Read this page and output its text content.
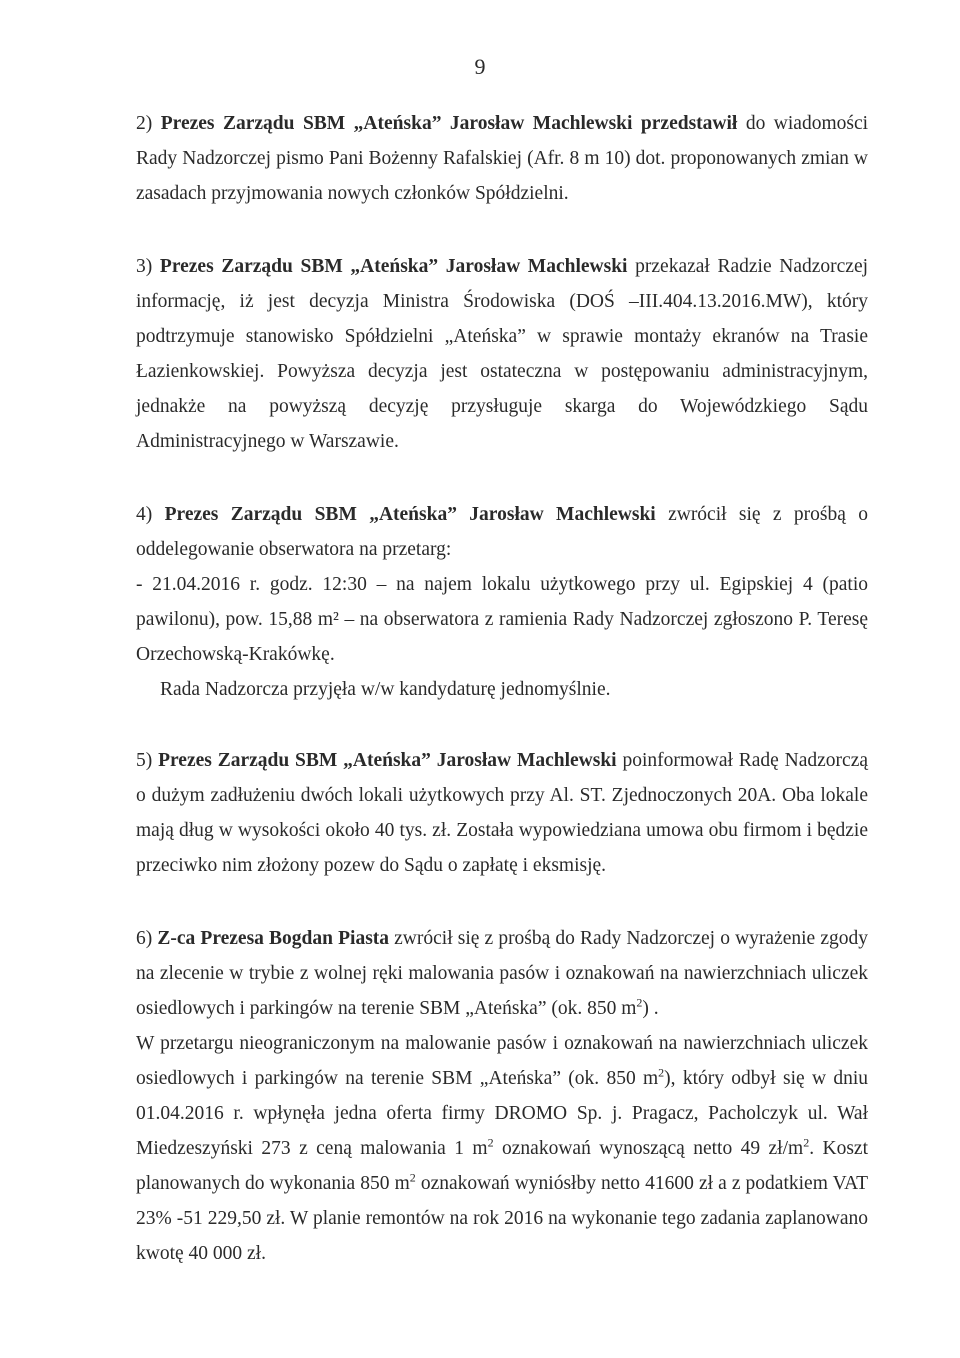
9

2) Prezes Zarządu SBM „Ateńska” Jarosław Machlewski przedstawił do wiadomości Rady Nadzorczej pismo Pani Bożenny Rafalskiej (Afr. 8 m 10) dot. proponowanych zmian w zasadach przyjmowania nowych członków Spółdzielni.

3) Prezes Zarządu SBM „Ateńska” Jarosław Machlewski przekazał Radzie Nadzorczej informację, iż jest decyzja Ministra Środowiska (DOŚ –III.404.13.2016.MW), który podtrzymuje stanowisko Spółdzielni „Ateńska” w sprawie montaży ekranów na Trasie Łazienkowskiej. Powyższa decyzja jest ostateczna w postępowaniu administracyjnym, jednakże na powyższą decyzję przysługuje skarga do Wojewódzkiego Sądu Administracyjnego w Warszawie.

4) Prezes Zarządu SBM „Ateńska” Jarosław Machlewski zwrócił się z prośbą o oddelegowanie obserwatora na przetarg:
- 21.04.2016 r. godz. 12:30 – na najem lokalu użytkowego przy ul. Egipskiej 4 (patio pawilonu), pow. 15,88 m² – na obserwatora z ramienia Rady Nadzorczej zgłoszono P. Teresę Orzechowską-Krakówkę.
Rada Nadzorcza przyjęła w/w kandydaturę jednomyślnie.

5) Prezes Zarządu SBM „Ateńska” Jarosław Machlewski poinformował Radę Nadzorczą o dużym zadłużeniu dwóch lokali użytkowych przy Al. ST. Zjednoczonych 20A. Oba lokale mają dług w wysokości około 40 tys. zł. Została wypowiedziana umowa obu firmom i będzie przeciwko nim złożony pozew do Sądu o zapłatę i eksmisję.

6) Z-ca Prezesa Bogdan Piasta zwrócił się z prośbą do Rady Nadzorczej o wyrażenie zgody na zlecenie w trybie z wolnej ręki malowania pasów i oznakowań na nawierzchniach uliczek osiedlowych i parkingów na terenie SBM „Ateńska” (ok. 850 $m^2$) .
W przetargu nieograniczonym na malowanie pasów i oznakowań na nawierzchniach uliczek osiedlowych i parkingów na terenie SBM „Ateńska” (ok. 850 $m^2$), który odbył się w dniu 01.04.2016 r. wpłynęła jedna oferta firmy DROMO Sp. j. Pragacz, Pacholczyk ul. Wał Miedzeszyński 273 z ceną malowania 1 $m^2$ oznakowań wynoszącą netto 49 $zł/m^2$. Koszt planowanych do wykonania 850 $m^2$ oznakowań wyniósłby netto 41600 zł a z podatkiem VAT 23% -51 229,50 zł. W planie remontów na rok 2016 na wykonanie tego zadania zaplanowano kwotę 40 000 zł.
